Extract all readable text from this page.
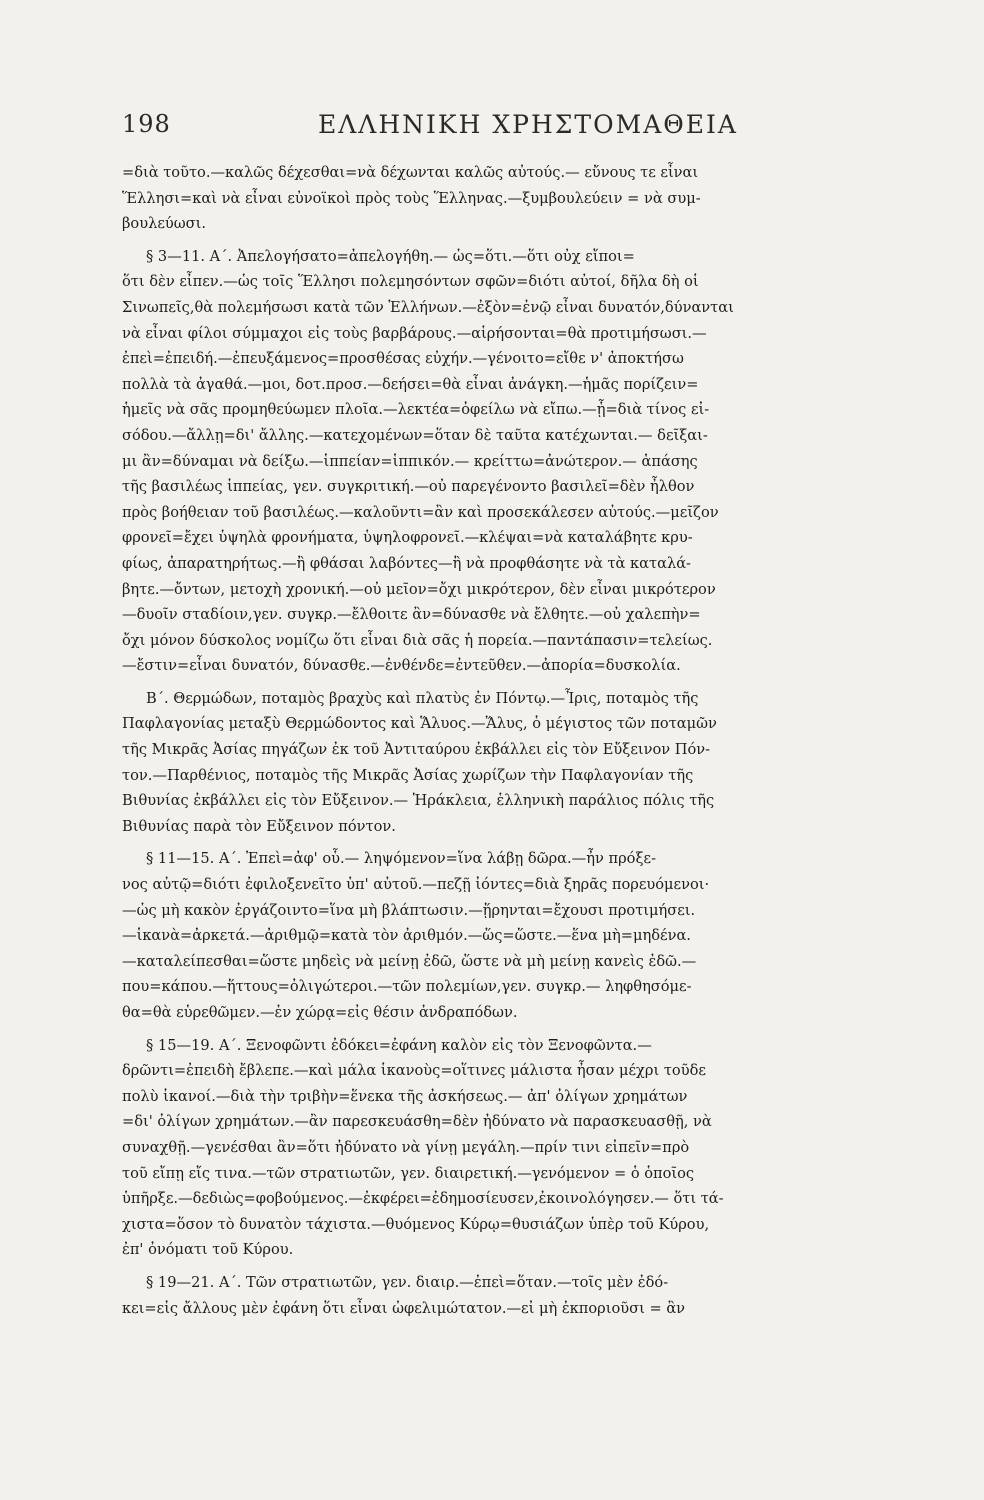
198	ΕΛΛΗΝΙΚΗ ΧΡΗΣΤΟΜΑΘΕΙΑ
=διὰ τοῦτο.—καλῶς δέχεσθαι=νὰ δέχωνται καλῶς αὐτούς.— εὔνους τε εἶναι
Ἕλλησι=καὶ νὰ εἶναι εὐνοϊκοὶ πρὸς τοὺς Ἕλληνας.—ξυμβουλεύειν = νὰ συμ-
βουλεύωσι.
§ 3—11. Α΄. Ἀπελογήσατο=ἀπελογήθη.— ὡς=ὅτι.—ὅτι οὐχ εἴποι=
ὅτι δὲν εἶπεν.—ὡς τοῖς Ἕλλησι πολεμησόντων σφῶν=διότι αὐτοί, δῆλα δὴ οἱ
Σινωπεῖς,θὰ πολεμήσωσι κατὰ τῶν Ἑλλήνων.—ἐξὸν=ἐνῷ εἶναι δυνατόν,δύνανται
νὰ εἶναι φίλοι σύμμαχοι εἰς τοὺς βαρβάρους.—αἱρήσονται=θὰ προτιμήσωσι.—
ἐπεὶ=ἐπειδή.—ἐπευξάμενος=προσθέσας εὐχήν.—γένοιτο=εἴθε ν' ἀποκτήσω
πολλὰ τὰ ἀγαθά.—μοι, δοτ.προσ.—δεήσει=θὰ εἶναι ἀνάγκη.—ἡμᾶς πορίζειν=
ἡμεῖς νὰ σᾶς προμηθεύωμεν πλοῖα.—λεκτέα=ὀφείλω νὰ εἴπω.—ᾗ=διὰ τίνος εἰ-
σόδου.—ἄλλῃ=δι' ἄλλης.—κατεχομένων=ὅταν δὲ ταῦτα κατέχωνται.— δεῖξαι-
μι ἂν=δύναμαι νὰ δείξω.—ἱππείαν=ἱππικόν.— κρείττω=ἀνώτερον.— ἁπάσης
τῆς βασιλέως ἱππείας, γεν. συγκριτική.—οὐ παρεγένοντο βασιλεῖ=δὲν ἦλθον
πρὸς βοήθειαν τοῦ βασιλέως.—καλοῦντι=ἂν καὶ προσεκάλεσεν αὐτούς.—μεῖζον
φρονεῖ=ἔχει ὑψηλὰ φρονήματα, ὑψηλοφρονεῖ.—κλέψαι=νὰ καταλάβητε κρυ-
φίως, ἀπαρατηρήτως.—ἢ φθάσαι λαβόντες—ἢ νὰ προφθάσητε νὰ τὰ καταλά-
βητε.—ὄντων, μετοχὴ χρονική.—οὐ μεῖον=ὄχι μικρότερον, δὲν εἶναι μικρότερον
—δυοῖν σταδίοιν,γεν. συγκρ.—ἔλθοιτε ἂν=δύνασθε νὰ ἔλθητε.—οὐ χαλεπὴν=
ὄχι μόνον δύσκολος νομίζω ὅτι εἶναι διὰ σᾶς ἡ πορεία.—παντάπασιν=τελείως.
—ἔστιν=εἶναι δυνατόν, δύνασθε.—ἐνθένδε=ἐντεῦθεν.—ἀπορία=δυσκολία.
Β΄. Θερμώδων, ποταμὸς βραχὺς καὶ πλατὺς ἐν Πόντῳ.—Ἶρις, ποταμὸς τῆς
Παφλαγονίας μεταξὺ Θερμώδοντος καὶ Ἅλυος.—Ἅλυς, ὁ μέγιστος τῶν ποταμῶν
τῆς Μικρᾶς Ἀσίας πηγάζων ἐκ τοῦ Ἀντιταύρου ἐκβάλλει εἰς τὸν Εὔξεινον Πόν-
τον.—Παρθένιος, ποταμὸς τῆς Μικρᾶς Ἀσίας χωρίζων τὴν Παφλαγονίαν τῆς
Βιθυνίας ἐκβάλλει εἰς τὸν Εὔξεινον.— Ἡράκλεια, ἑλληνικὴ παράλιος πόλις τῆς
Βιθυνίας παρὰ τὸν Εὔξεινον πόντον.
§ 11—15. Α΄. Ἐπεὶ=ἀφ' οὗ.— ληψόμενον=ἵνα λάβῃ δῶρα.—ἦν πρόξε-
νος αὐτῷ=διότι ἐφιλοξενεῖτο ὑπ' αὐτοῦ.—πεζῇ ἰόντες=διὰ ξηρᾶς πορευόμενοι·
—ὡς μὴ κακὸν ἐργάζοιντο=ἵνα μὴ βλάπτωσιν.—ᾕρηνται=ἔχουσι προτιμήσει.
—ἱκανὰ=ἀρκετά.—ἀριθμῷ=κατὰ τὸν ἀριθμόν.—ὥς=ὥστε.—ἕνα μὴ=μηδένα.
—καταλείπεσθαι=ὥστε μηδεὶς νὰ μείνῃ ἐδῶ, ὥστε νὰ μὴ μείνῃ κανεὶς ἐδῶ.—
που=κάπου.—ἥττους=ὀλιγώτεροι.—τῶν πολεμίων,γεν. συγκρ.— ληφθησόμε-
θα=θὰ εὑρεθῶμεν.—ἐν χώρᾳ=εἰς θέσιν ἀνδραπόδων.
§ 15—19. Α΄. Ξενοφῶντι ἐδόκει=ἐφάνη καλὸν εἰς τὸν Ξενοφῶντα.—
δρῶντι=ἐπειδὴ ἔβλεπε.—καὶ μάλα ἱκανοὺς=οἵτινες μάλιστα ἦσαν μέχρι τοῦδε
πολὺ ἱκανοί.—διὰ τὴν τριβὴν=ἕνεκα τῆς ἀσκήσεως.— ἀπ' ὀλίγων χρημάτων
=δι' ὀλίγων χρημάτων.—ἂν παρεσκευάσθη=δὲν ἠδύνατο νὰ παρασκευασθῇ, νὰ
συναχθῇ.—γενέσθαι ἂν=ὅτι ἠδύνατο νὰ γίνῃ μεγάλη.—πρίν τινι εἰπεῖν=πρὸ
τοῦ εἴπῃ εἴς τινα.—τῶν στρατιωτῶν, γεν. διαιρετική.—γενόμενον = ὁ ὁποῖος
ὑπῆρξε.—δεδιὼς=φοβούμενος.—ἐκφέρει=ἐδημοσίευσεν,ἐκοινολόγησεν.— ὅτι τά-
χιστα=ὅσον τὸ δυνατὸν τάχιστα.—θυόμενος Κύρῳ=θυσιάζων ὑπὲρ τοῦ Κύρου,
ἐπ' ὀνόματι τοῦ Κύρου.
§ 19—21. Α΄. Τῶν στρατιωτῶν, γεν. διαιρ.—ἐπεὶ=ὅταν.—τοῖς μὲν ἐδό-
κει=εἰς ἄλλους μὲν ἐφάνη ὅτι εἶναι ὠφελιμώτατον.—εἰ μὴ ἐκποριοῦσι = ἂν
